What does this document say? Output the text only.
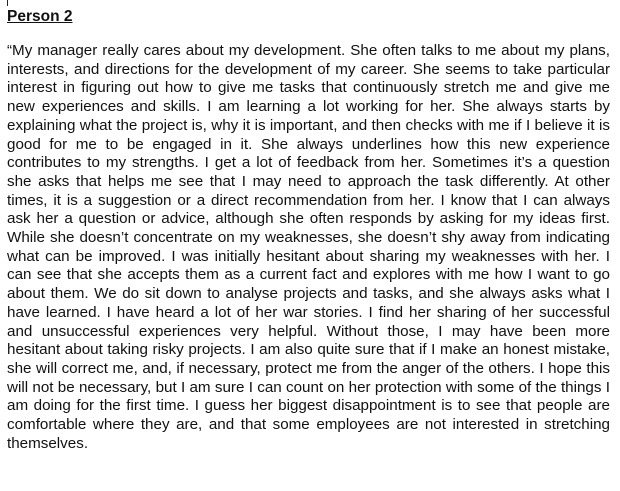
Person 2

“My manager really cares about my development. She often talks to me about my plans, interests, and directions for the development of my career. She seems to take particular interest in figuring out how to give me tasks that continuously stretch me and give me new experiences and skills. I am learning a lot working for her. She always starts by explaining what the project is, why it is important, and then checks with me if I believe it is good for me to be engaged in it. She always underlines how this new experience contributes to my strengths. I get a lot of feedback from her. Sometimes it’s a question she asks that helps me see that I may need to approach the task differently. At other times, it is a suggestion or a direct recommendation from her. I know that I can always ask her a question or advice, although she often responds by asking for my ideas first. While she doesn’t concentrate on my weaknesses, she doesn’t shy away from indicating what can be improved. I was initially hesitant about sharing my weaknesses with her. I can see that she accepts them as a current fact and explores with me how I want to go about them. We do sit down to analyse projects and tasks, and she always asks what I have learned. I have heard a lot of her war stories. I find her sharing of her successful and unsuccessful experiences very helpful. Without those, I may have been more hesitant about taking risky projects. I am also quite sure that if I make an honest mistake, she will correct me, and, if necessary, protect me from the anger of the others. I hope this will not be necessary, but I am sure I can count on her protection with some of the things I am doing for the first time. I guess her biggest disappointment is to see that people are comfortable where they are, and that some employees are not interested in stretching themselves.
